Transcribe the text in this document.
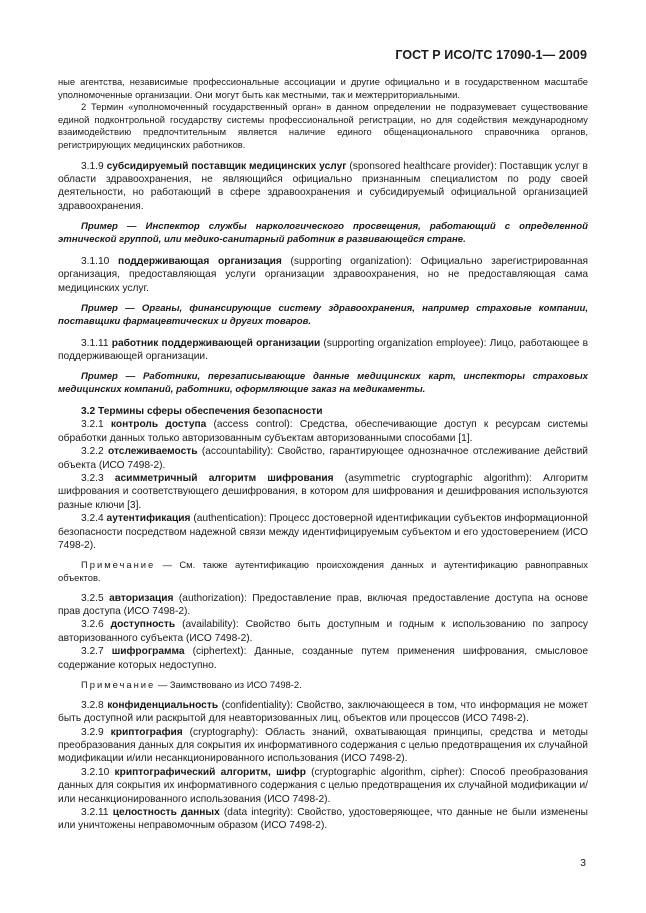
ГОСТ Р ИСО/ТС 17090-1— 2009

ные агентства, независимые профессиональные ассоциации и другие официально и в государственном масштабе уполномоченные организации. Они могут быть как местными, так и межтерриториальными.

2 Термин «уполномоченный государственный орган» в данном определении не подразумевает существование единой подконтрольной государству системы профессиональной регистрации, но для содействия международному взаимодействию предпочтительным является наличие единого общенационального справочника органов, регистрирующих медицинских работников.

3.1.9 субсидируемый поставщик медицинских услуг (sponsored healthcare provider): Поставщик услуг в области здравоохранения, не являющийся официально признанным специалистом по роду своей деятельности, но работающий в сфере здравоохранения и субсидируемый официальной организацией здравоохранения.

Пример — Инспектор службы наркологического просвещения, работающий с определенной этнической группой, или медико-санитарный работник в развивающейся стране.

3.1.10 поддерживающая организация (supporting organization): Официально зарегистрированная организация, предоставляющая услуги организации здравоохранения, но не предоставляющая сама медицинских услуг.

Пример — Органы, финансирующие систему здравоохранения, например страховые компании, поставщики фармацевтических и других товаров.

3.1.11 работник поддерживающей организации (supporting organization employee): Лицо, работающее в поддерживающей организации.

Пример — Работники, перезаписывающие данные медицинских карт, инспекторы страховых медицинских компаний, работники, оформляющие заказ на медикаменты.

3.2 Термины сферы обеспечения безопасности

3.2.1 контроль доступа (access control): Средства, обеспечивающие доступ к ресурсам системы обработки данных только авторизованным субъектам авторизованными способами [1].

3.2.2 отслеживаемость (accountability): Свойство, гарантирующее однозначное отслеживание действий объекта (ИСО 7498-2).

3.2.3 асимметричный алгоритм шифрования (asymmetric cryptographic algorithm): Алгоритм шифрования и соответствующего дешифрования, в котором для шифрования и дешифрования используются разные ключи [3].

3.2.4 аутентификация (authentication): Процесс достоверной идентификации субъектов информационной безопасности посредством надежной связи между идентифицируемым субъектом и его удостоверением (ИСО 7498-2).

Примечание — См. также аутентификацию происхождения данных и аутентификацию равноправных объектов.

3.2.5 авторизация (authorization): Предоставление прав, включая предоставление доступа на основе прав доступа (ИСО 7498-2).

3.2.6 доступность (availability): Свойство быть доступным и годным к использованию по запросу авторизованного субъекта (ИСО 7498-2).

3.2.7 шифрограмма (ciphertext): Данные, созданные путем применения шифрования, смысловое содержание которых недоступно.

Примечание — Заимствовано из ИСО 7498-2.

3.2.8 конфиденциальность (confidentiality): Свойство, заключающееся в том, что информация не может быть доступной или раскрытой для неавторизованных лиц, объектов или процессов (ИСО 7498-2).

3.2.9 криптография (cryptography): Область знаний, охватывающая принципы, средства и методы преобразования данных для сокрытия их информативного содержания с целью предотвращения их случайной модификации и/или несанкционированного использования (ИСО 7498-2).

3.2.10 криптографический алгоритм, шифр (cryptographic algorithm, cipher): Способ преобразования данных для сокрытия их информативного содержания с целью предотвращения их случайной модификации и/или несанкционированного использования (ИСО 7498-2).

3.2.11 целостность данных (data integrity): Свойство, удостоверяющее, что данные не были изменены или уничтожены неправомочным образом (ИСО 7498-2).

3
